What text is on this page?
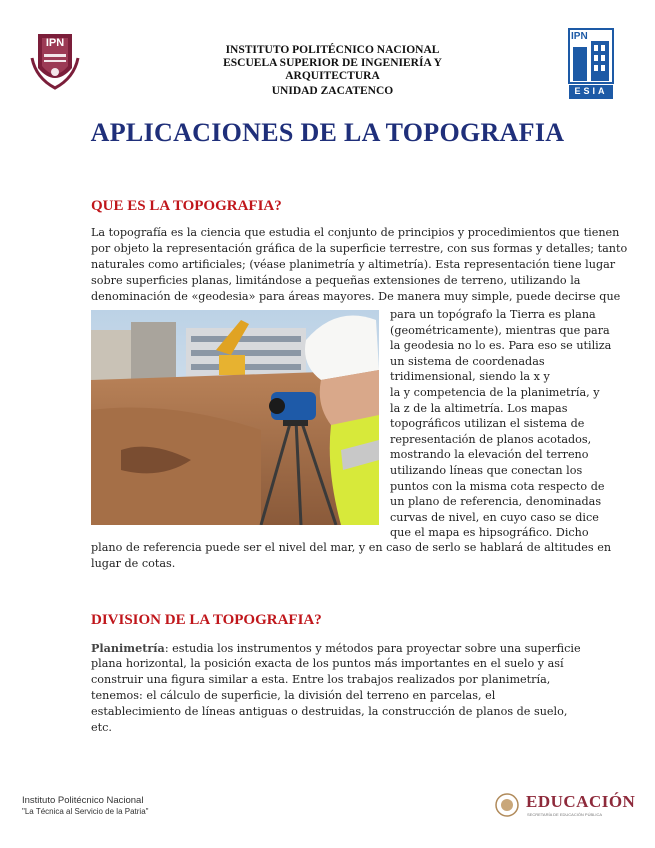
IPN
INSTITUTO POLITÉCNICO NACIONAL
ESCUELA SUPERIOR DE INGENIERÍA Y
ARQUITECTURA
UNIDAD ZACATENCO
IPN
ESIA
APLICACIONES DE LA TOPOGRAFIA
QUE ES LA TOPOGRAFIA?
La topografía es la ciencia que estudia el conjunto de principios y procedimientos que tienen
por objeto la representación gráfica de la superficie terrestre, con sus formas y detalles; tanto
naturales como artificiales; (véase planimetría y altimetría). Esta representación tiene lugar
sobre superficies planas, limitándose a pequeñas extensiones de terreno, utilizando la
denominación de «geodesia» para áreas mayores. De manera muy simple, puede decirse que
para un topógrafo la Tierra es plana
(geométricamente), mientras que para
la geodesia no lo es. Para eso se utiliza
un sistema de coordenadas
tridimensional, siendo la x y
la y competencia de la planimetría, y
la z de la altimetría. Los mapas
topográficos utilizan el sistema de
representación de planos acotados,
mostrando la elevación del terreno
utilizando líneas que conectan los
puntos con la misma cota respecto de
un plano de referencia, denominadas
curvas de nivel, en cuyo caso se dice
que el mapa es hipsográfico. Dicho
plano de referencia puede ser el nivel del mar, y en caso de serlo se hablará de altitudes en
lugar de cotas.
DIVISION DE LA TOPOGRAFIA?
Planimetría: estudia los instrumentos y métodos para proyectar sobre una superficie
plana horizontal, la posición exacta de los puntos más importantes en el suelo y así
construir una figura similar a esta. Entre los trabajos realizados por planimetría,
tenemos: el cálculo de superficie, la división del terreno en parcelas, el
establecimiento de líneas antiguas o destruidas, la construcción de planos de suelo,
etc.
Instituto Politécnico Nacional
"La Técnica al Servicio de la Patria"
EDUCACIÓN
SECRETARÍA DE EDUCACIÓN PÚBLICA
